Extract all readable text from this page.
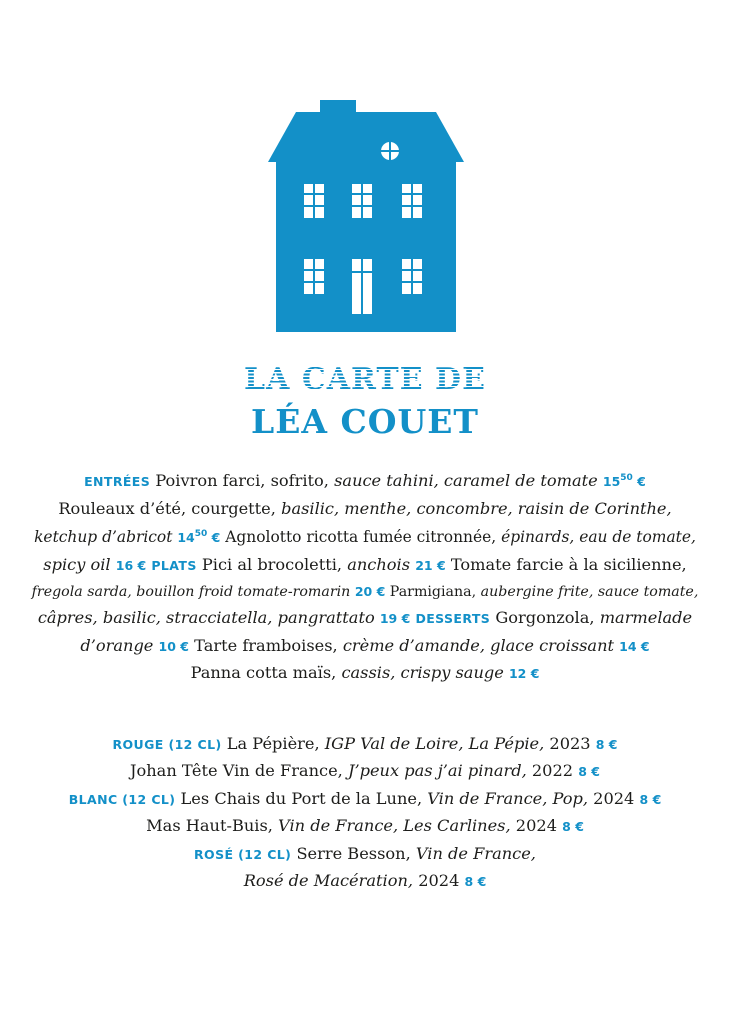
LA CARTE DE
LÉA COUET
ENTRÉES Poivron farci, sofrito, sauce tahini, caramel de tomate $15^{50}$ €
Rouleaux d’été, courgette, basilic, menthe, concombre, raisin de Corinthe,
ketchup d’abricot $14^{50}$ € Agnolotto ricotta fumée citronnée, épinards, eau de tomate,
spicy oil 16 € PLATS Pici al brocoletti, anchois 21 € Tomate farcie à la sicilienne,
fregola sarda, bouillon froid tomate-romarin 20 € Parmigiana, aubergine frite, sauce tomate,
câpres, basilic, stracciatella, pangrattato 19 € DESSERTS Gorgonzola, marmelade
d’orange 10 € Tarte framboises, crème d’amande, glace croissant 14 €
Panna cotta maïs, cassis, crispy sauge 12 €
ROUGE (12 CL) La Pépière, IGP Val de Loire, La Pépie, 2023 8 €
Johan Tête Vin de France, J’peux pas j’ai pinard, 2022 8 €
BLANC (12 CL) Les Chais du Port de la Lune, Vin de France, Pop, 2024 8 €
Mas Haut-Buis, Vin de France, Les Carlines, 2024 8 €
ROSÉ (12 CL) Serre Besson, Vin de France,
Rosé de Macération, 2024 8 €
